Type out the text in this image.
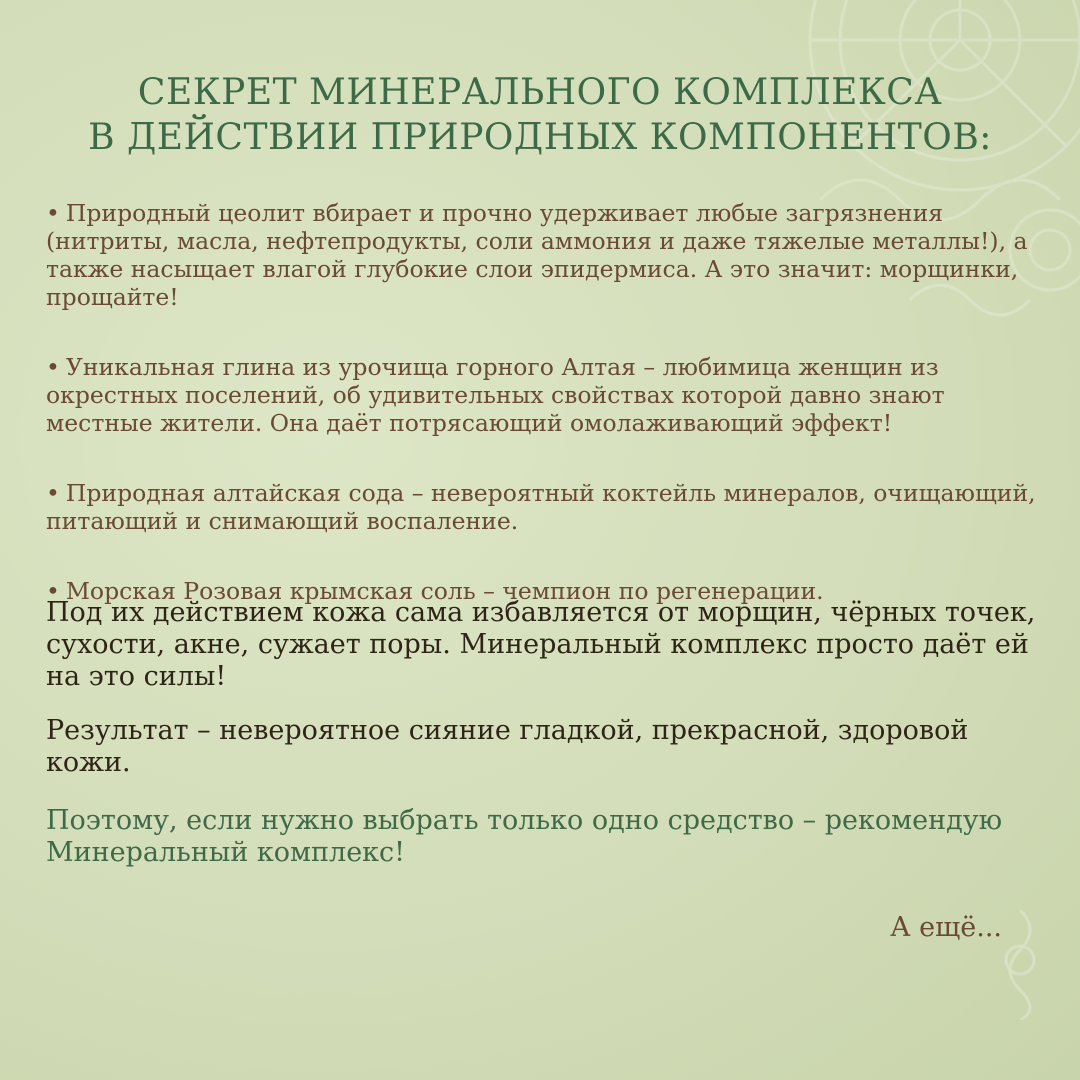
СЕКРЕТ МИНЕРАЛЬНОГО КОМПЛЕКСА
В ДЕЙСТВИИ ПРИРОДНЫХ КОМПОНЕНТОВ:

• Природный цеолит вбирает и прочно удерживает любые загрязнения (нитриты, масла, нефтепродукты, соли аммония и даже тяжелые металлы!), а также насыщает влагой глубокие слои эпидермиса. А это значит: морщинки, прощайте!

• Уникальная глина из урочища горного Алтая – любимица женщин из окрестных поселений, об удивительных свойствах которой давно знают местные жители. Она даёт потрясающий омолаживающий эффект!

• Природная алтайская сода – невероятный коктейль минералов, очищающий, питающий и снимающий воспаление.

• Морская Розовая крымская соль – чемпион по регенерации.

Под их действием кожа сама избавляется от морщин, чёрных точек, сухости, акне, сужает поры. Минеральный комплекс просто даёт ей на это силы!

Результат – невероятное сияние гладкой, прекрасной, здоровой кожи.

Поэтому, если нужно выбрать только одно средство – рекомендую Минеральный комплекс!

А ещё...
